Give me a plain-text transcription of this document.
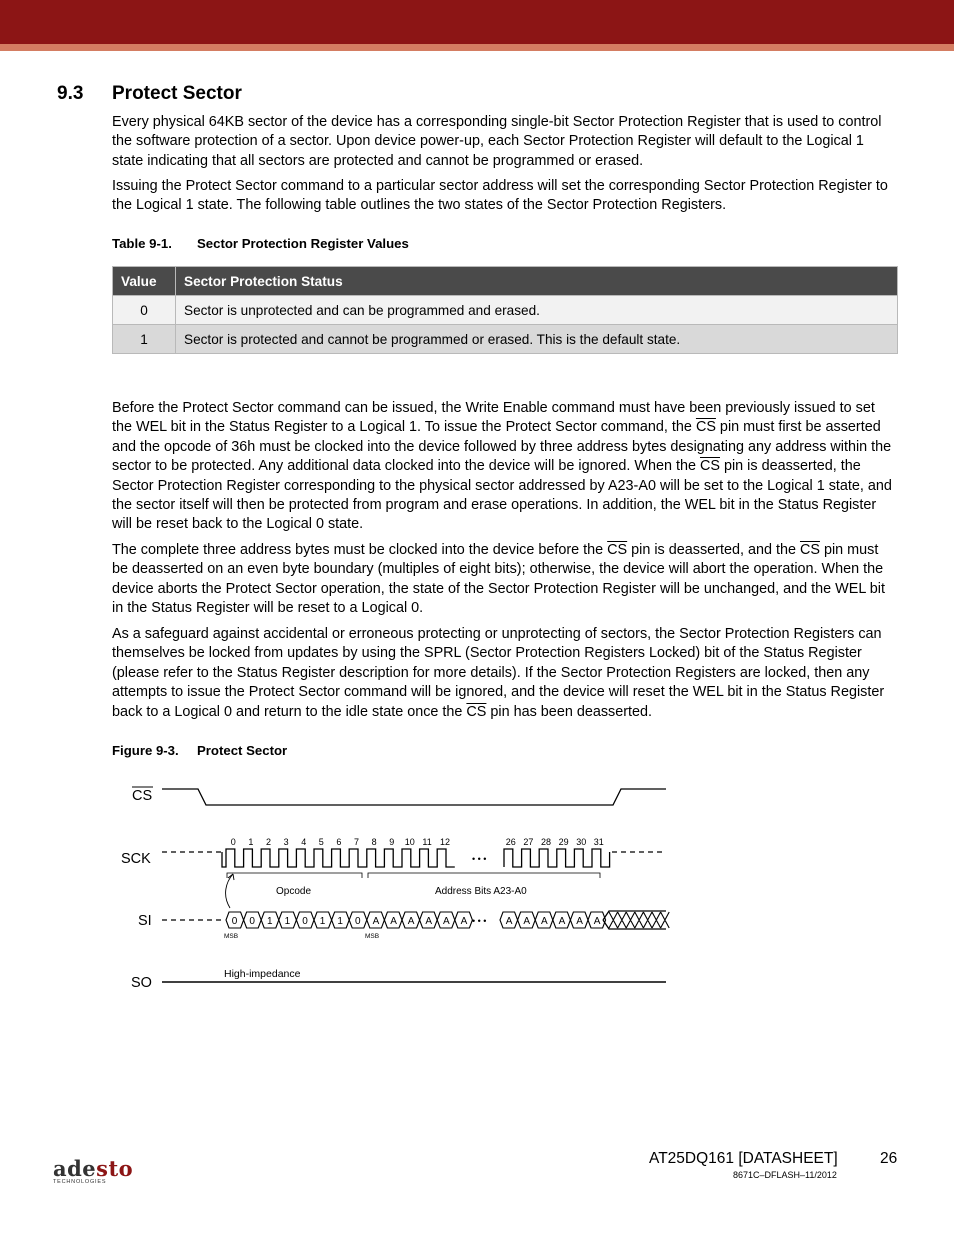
9.3 Protect Sector

Every physical 64KB sector of the device has a corresponding single-bit Sector Protection Register that is used to control the software protection of a sector. Upon device power-up, each Sector Protection Register will default to the Logical 1 state indicating that all sectors are protected and cannot be programmed or erased.

Issuing the Protect Sector command to a particular sector address will set the corresponding Sector Protection Register to the Logical 1 state. The following table outlines the two states of the Sector Protection Registers.

Table 9-1. Sector Protection Register Values
Value	Sector Protection Status
0	Sector is unprotected and can be programmed and erased.
1	Sector is protected and cannot be programmed or erased. This is the default state.

Before the Protect Sector command can be issued, the Write Enable command must have been previously issued to set the WEL bit in the Status Register to a Logical 1. To issue the Protect Sector command, the $\overline{CS}$ pin must first be asserted and the opcode of 36h must be clocked into the device followed by three address bytes designating any address within the sector to be protected. Any additional data clocked into the device will be ignored. When the $\overline{CS}$ pin is deasserted, the Sector Protection Register corresponding to the physical sector addressed by A23-A0 will be set to the Logical 1 state, and the sector itself will then be protected from program and erase operations. In addition, the WEL bit in the Status Register will be reset back to the Logical 0 state.

The complete three address bytes must be clocked into the device before the $\overline{CS}$ pin is deasserted, and the $\overline{CS}$ pin must be deasserted on an even byte boundary (multiples of eight bits); otherwise, the device will abort the operation. When the device aborts the Protect Sector operation, the state of the Sector Protection Register will be unchanged, and the WEL bit in the Status Register will be reset to a Logical 0.

As a safeguard against accidental or erroneous protecting or unprotecting of sectors, the Sector Protection Registers can themselves be locked from updates by using the SPRL (Sector Protection Registers Locked) bit of the Status Register (please refer to the Status Register description for more details). If the Sector Protection Registers are locked, then any attempts to issue the Protect Sector command will be ignored, and the device will reset the WEL bit in the Status Register back to a Logical 0 and return to the idle state once the $\overline{CS}$ pin has been deasserted.

Figure 9-3. Protect Sector
0 1 2 3 4 5 6 7 8 9 10 11 12	26 27 28 29 30 31
0 0 1 1 0 1 1 0 A A A A A A	A A A A A A
CS
SCK
SI
SO
Opcode	Address Bits A23-A0
MSB	MSB
High-impedance
• • •
• • •
adesto
TECHNOLOGIES
AT25DQ161 [DATASHEET]	26
8671C–DFLASH–11/2012
